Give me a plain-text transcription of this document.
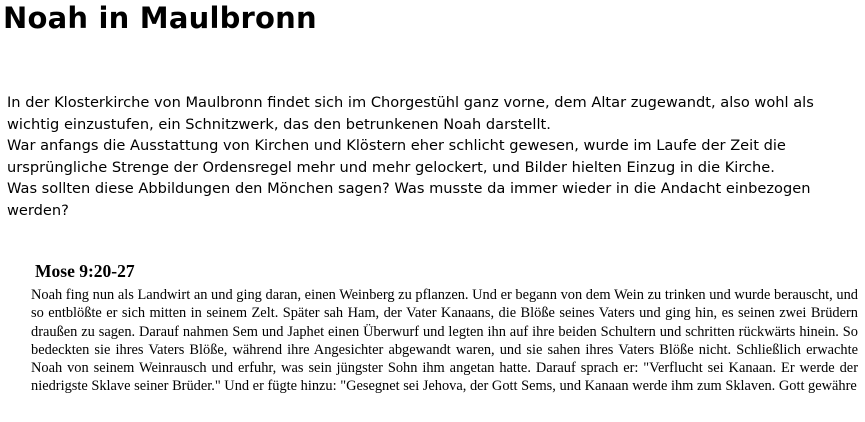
Noah in Maulbronn

In der Klosterkirche von Maulbronn findet sich im Chorgestühl ganz vorne, dem Altar zugewandt, also wohl als wichtig einzustufen, ein Schnitzwerk, das den betrunkenen Noah darstellt.

War anfangs die Ausstattung von Kirchen und Klöstern eher schlicht gewesen, wurde im Laufe der Zeit die ursprüngliche Strenge der Ordensregel mehr und mehr gelockert, und Bilder hielten Einzug in die Kirche.

Was sollten diese Abbildungen den Mönchen sagen? Was musste da immer wieder in die Andacht einbezogen werden?

Mose 9:20-27

Noah fing nun als Landwirt an und ging daran, einen Weinberg zu pflanzen. Und er begann von dem Wein zu trinken und wurde berauscht, und so entblößte er sich mitten in seinem Zelt. Später sah Ham, der Vater Kanaans, die Blöße seines Vaters und ging hin, es seinen zwei Brüdern draußen zu sagen. Darauf nahmen Sem und Japhet einen Überwurf und legten ihn auf ihre beiden Schultern und schritten rückwärts hinein. So bedeckten sie ihres Vaters Blöße, während ihre Angesichter abgewandt waren, und sie sahen ihres Vaters Blöße nicht. Schließlich erwachte Noah von seinem Weinrausch und erfuhr, was sein jüngster Sohn ihm angetan hatte. Darauf sprach er: "Verflucht sei Kanaan. Er werde der niedrigste Sklave seiner Brüder." Und er fügte hinzu: "Gesegnet sei Jehova, der Gott Sems, und Kanaan werde ihm zum Sklaven. Gott gewähre
